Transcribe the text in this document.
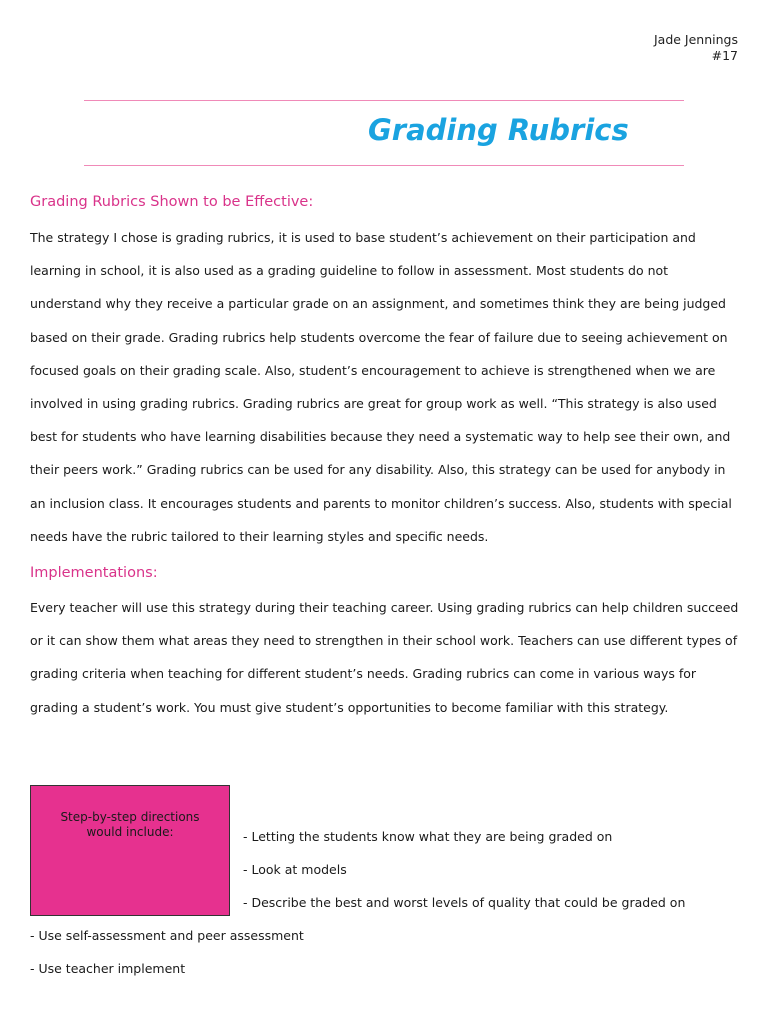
Jade Jennings
#17
Grading Rubrics
Grading Rubrics Shown to be Effective:

The strategy I chose is grading rubrics, it is used to base student’s achievement on their participation and learning in school, it is also used as a grading guideline to follow in assessment. Most students do not understand why they receive a particular grade on an assignment, and sometimes think they are being judged based on their grade. Grading rubrics help students overcome the fear of failure due to seeing achievement on focused goals on their grading scale. Also, student’s encouragement to achieve is strengthened when we are involved in using grading rubrics. Grading rubrics are great for group work as well. “This strategy is also used best for students who have learning disabilities because they need a systematic way to help see their own, and their peers work.” Grading rubrics can be used for any disability. Also, this strategy can be used for anybody in an inclusion class. It encourages students and parents to monitor children’s success. Also, students with special needs have the rubric tailored to their learning styles and specific needs.

Implementations:

Every teacher will use this strategy during their teaching career. Using grading rubrics can help children succeed or it can show them what areas they need to strengthen in their school work. Teachers can use different types of grading criteria when teaching for different student’s needs. Grading rubrics can come in various ways for grading a student’s work. You must give student’s opportunities to become familiar with this strategy.

Step-by-step directions would include:	- Letting the students know what they are being graded on
- Look at models
- Describe the best and worst levels of quality that could be graded on
- Use self-assessment and peer assessment
- Use teacher implement
